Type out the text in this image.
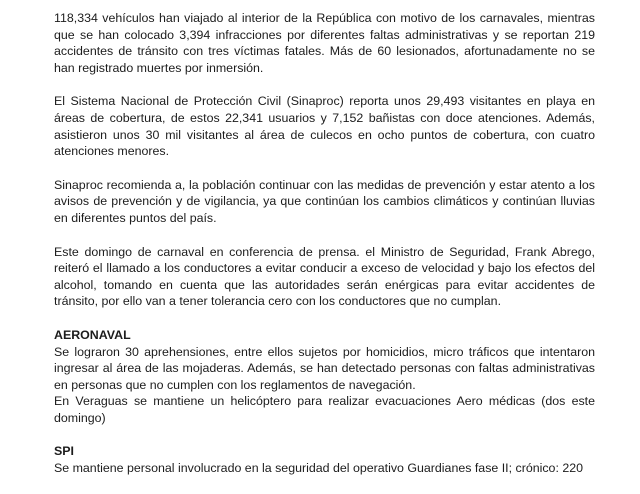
118,334 vehículos han viajado al interior de la República con motivo de los carnavales, mientras que se han colocado 3,394 infracciones por diferentes faltas administrativas y se reportan 219 accidentes de tránsito con tres víctimas fatales. Más de 60 lesionados, afortunadamente no se han registrado muertes por inmersión.

El Sistema Nacional de Protección Civil (Sinaproc) reporta unos 29,493 visitantes en playa en áreas de cobertura, de estos 22,341 usuarios y 7,152 bañistas con doce atenciones. Además, asistieron unos 30 mil visitantes al área de culecos en ocho puntos de cobertura, con cuatro atenciones menores.

Sinaproc recomienda a, la población continuar con las medidas de prevención y estar atento a los avisos de prevención y de vigilancia, ya que continúan los cambios climáticos y continúan lluvias en diferentes puntos del país.

Este domingo de carnaval en conferencia de prensa. el Ministro de Seguridad, Frank Abrego, reiteró el llamado a los conductores a evitar conducir a exceso de velocidad y bajo los efectos del alcohol, tomando en cuenta que las autoridades serán enérgicas para evitar accidentes de tránsito, por ello van a tener tolerancia cero con los conductores que no cumplan.

AERONAVAL

Se lograron 30 aprehensiones, entre ellos sujetos por homicidios, micro tráficos que intentaron ingresar al área de las mojaderas. Además, se han detectado personas con faltas administrativas en personas que no cumplen con los reglamentos de navegación.

En Veraguas se mantiene un helicóptero para realizar evacuaciones Aero médicas (dos este domingo)

SPI

Se mantiene personal involucrado en la seguridad del operativo Guardianes fase II; crónico: 220
